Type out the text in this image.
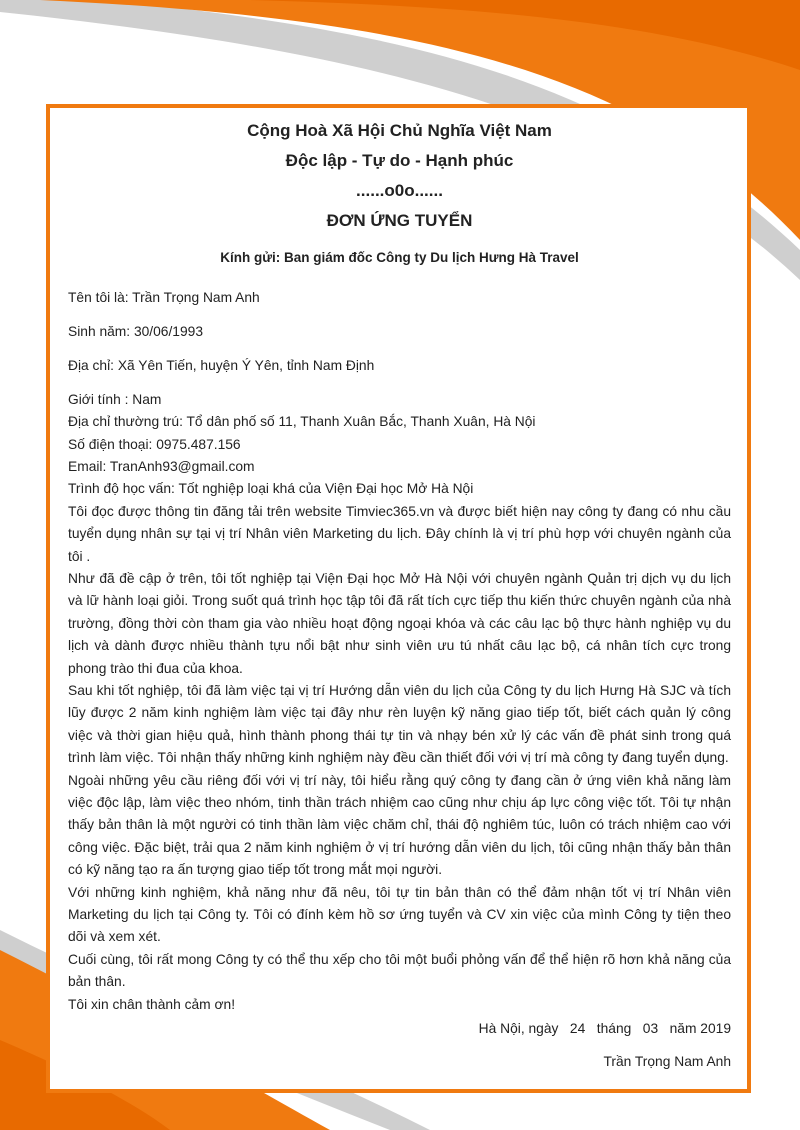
Cộng Hoà Xã Hội Chủ Nghĩa Việt Nam
Độc lập - Tự do - Hạnh phúc
......o0o......
ĐƠN ỨNG TUYỂN
Kính gửi: Ban giám đốc Công ty Du lịch Hưng Hà Travel

Tên tôi là: Trần Trọng Nam Anh

Sinh năm: 30/06/1993

Địa chỉ: Xã Yên Tiến, huyện Ý Yên, tỉnh Nam Định

Giới tính : Nam

Địa chỉ thường trú: Tổ dân phố số 11, Thanh Xuân Bắc, Thanh Xuân, Hà Nội

Số điện thoại: 0975.487.156

Email: TranAnh93@gmail.com

Trình độ học vấn: Tốt nghiệp loại khá của Viện Đại học Mở Hà Nội

Tôi đọc được thông tin đăng tải trên website Timviec365.vn và được biết hiện nay công ty đang có nhu cầu tuyển dụng nhân sự tại vị trí Nhân viên Marketing du lịch. Đây chính là vị trí phù hợp với chuyên ngành của tôi .

Như đã đề cập ở trên, tôi tốt nghiệp tại Viện Đại học Mở Hà Nội với chuyên ngành Quản trị dịch vụ du lịch và lữ hành loại giỏi. Trong suốt quá trình học tập tôi đã rất tích cực tiếp thu kiến thức chuyên ngành của nhà trường, đồng thời còn tham gia vào nhiều hoạt động ngoại khóa và các câu lạc bộ thực hành nghiệp vụ du lịch và dành được nhiều thành tựu nổi bật như sinh viên ưu tú nhất câu lạc bộ, cá nhân tích cực trong phong trào thi đua của khoa.

Sau khi tốt nghiệp, tôi đã làm việc tại vị trí Hướng dẫn viên du lịch của Công ty du lịch Hưng Hà SJC và tích lũy được 2 năm kinh nghiệm làm việc tại đây như rèn luyện kỹ năng giao tiếp tốt, biết cách quản lý công việc và thời gian hiệu quả, hình thành phong thái tự tin và nhạy bén xử lý các vấn đề phát sinh trong quá trình làm việc. Tôi nhận thấy những kinh nghiệm này đều cần thiết đối với vị trí mà công ty đang tuyển dụng.

Ngoài những yêu cầu riêng đối với vị trí này, tôi hiểu rằng quý công ty đang cần ở ứng viên khả năng làm việc độc lập, làm việc theo nhóm, tinh thần trách nhiệm cao cũng như chịu áp lực công việc tốt. Tôi tự nhận thấy bản thân là một người có tinh thần làm việc chăm chỉ, thái độ nghiêm túc, luôn có trách nhiệm cao với công việc. Đặc biệt, trải qua 2 năm kinh nghiệm ở vị trí hướng dẫn viên du lịch, tôi cũng nhận thấy bản thân có kỹ năng tạo ra ấn tượng giao tiếp tốt trong mắt mọi người.

Với những kinh nghiệm, khả năng như đã nêu, tôi tự tin bản thân có thể đảm nhận tốt vị trí Nhân viên Marketing du lịch tại Công ty. Tôi có đính kèm hồ sơ ứng tuyển và CV xin việc của mình Công ty tiện theo dõi và xem xét.

Cuối cùng, tôi rất mong Công ty có thể thu xếp cho tôi một buổi phỏng vấn để thể hiện rõ hơn khả năng của bản thân.

Tôi xin chân thành cảm ơn!

Hà Nội, ngày   24   tháng   03   năm 2019
Trần Trọng Nam Anh
